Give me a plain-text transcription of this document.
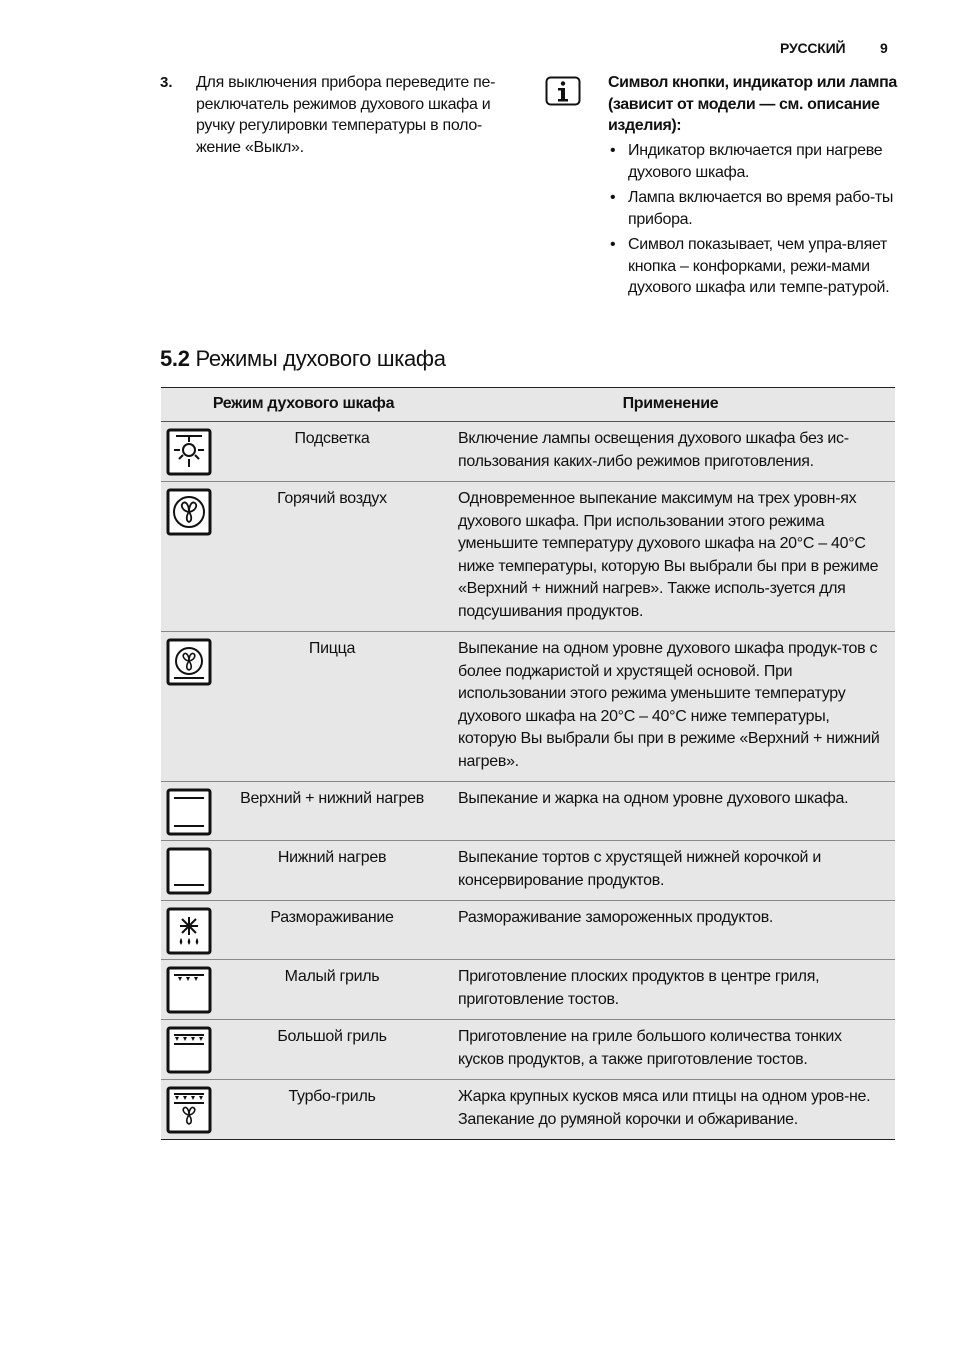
РУССКИЙ 9
3. Для выключения прибора переведите пе-реключатель режимов духового шкафа и ручку регулировки температуры в поло-жение «Выкл».
Символ кнопки, индикатор или лампа (зависит от модели — см. описание изделия):
• Индикатор включается при нагреве духового шкафа.
• Лампа включается во время рабо-ты прибора.
• Символ показывает, чем упра-вляет кнопка – конфорками, режи-мами духового шкафа или темпе-ратурой.
5.2 Режимы духового шкафа
Режим духового шкафа		Применение

	Подсветка	Включение лампы освещения духового шкафа без ис-пользования каких-либо режимов приготовления.

	Горячий воздух	Одновременное выпекание максимум на трех уровн-ях духового шкафа. При использовании этого режима уменьшите температуру духового шкафа на 20°C – 40°C ниже температуры, которую Вы выбрали бы при в режиме «Верхний + нижний нагрев». Также исполь-зуется для подсушивания продуктов.

	Пицца	Выпекание на одном уровне духового шкафа продук-тов с более поджаристой и хрустящей основой. При использовании этого режима уменьшите температуру духового шкафа на 20°C – 40°C ниже температуры, которую Вы выбрали бы при в режиме «Верхний + нижний нагрев».

	Верхний + нижний нагрев	Выпекание и жарка на одном уровне духового шкафа.

	Нижний нагрев	Выпекание тортов с хрустящей нижней корочкой и консервирование продуктов.

	Размораживание	Размораживание замороженных продуктов.

	Малый гриль	Приготовление плоских продуктов в центре гриля, приготовление тостов.

	Большой гриль	Приготовление на гриле большого количества тонких кусков продуктов, а также приготовление тостов.

	Турбо-гриль	Жарка крупных кусков мяса или птицы на одном уров-не. Запекание до румяной корочки и обжаривание.
